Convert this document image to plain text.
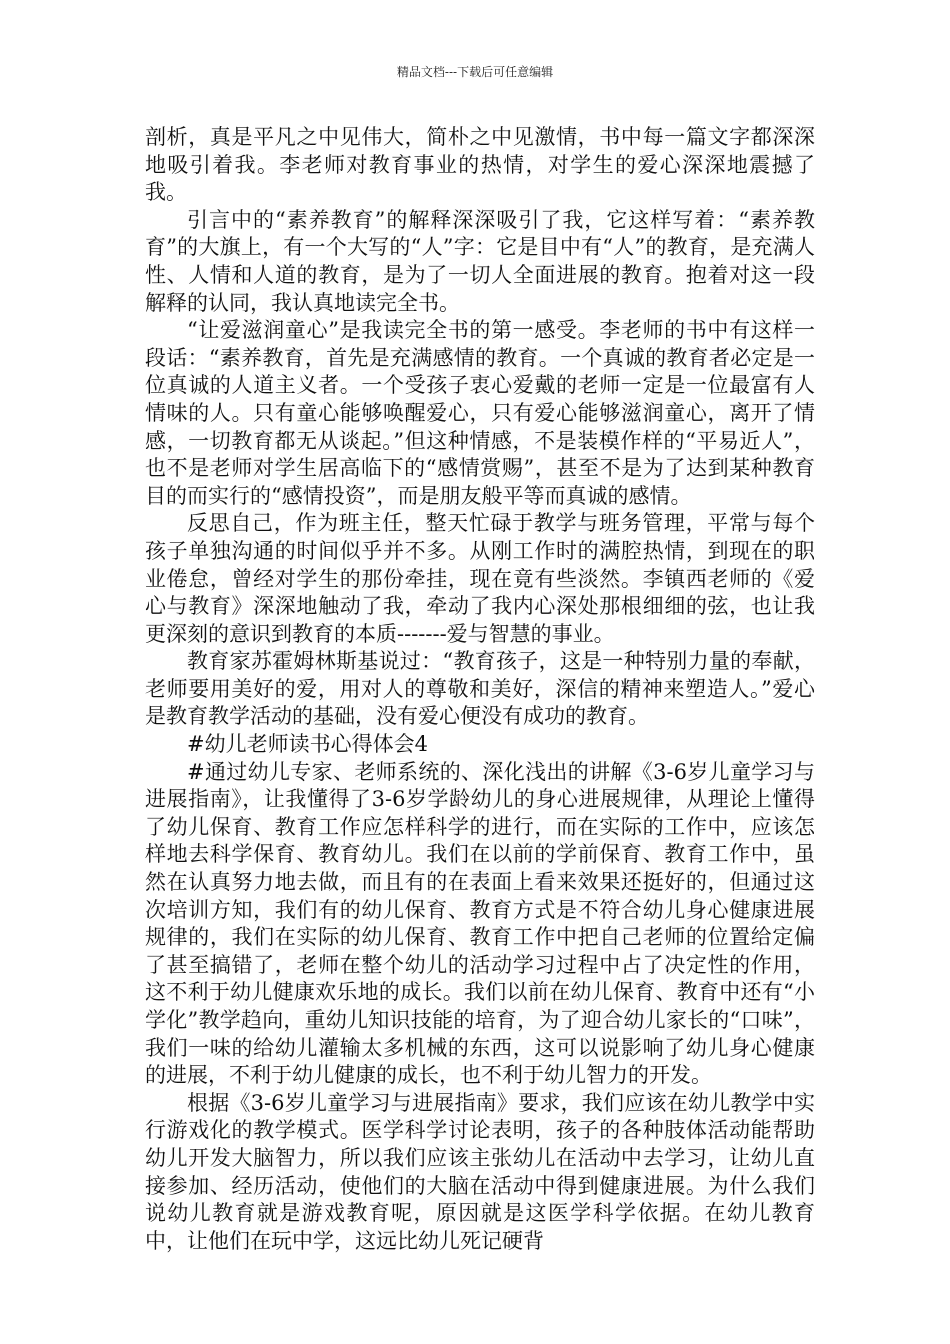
精品文档---下载后可任意编辑

剖析，真是平凡之中见伟大，简朴之中见激情，书中每一篇文字都深深地吸引着我。李老师对教育事业的热情，对学生的爱心深深地震撼了我。

引言中的“素养教育”的解释深深吸引了我，它这样写着：“素养教育”的大旗上，有一个大写的“人”字：它是目中有“人”的教育，是充满人性、人情和人道的教育，是为了一切人全面进展的教育。抱着对这一段解释的认同，我认真地读完全书。

“让爱滋润童心”是我读完全书的第一感受。李老师的书中有这样一段话：“素养教育，首先是充满感情的教育。一个真诚的教育者必定是一位真诚的人道主义者。一个受孩子衷心爱戴的老师一定是一位最富有人情味的人。只有童心能够唤醒爱心，只有爱心能够滋润童心，离开了情感，一切教育都无从谈起。”但这种情感，不是装模作样的“平易近人”，也不是老师对学生居高临下的“感情赏赐”，甚至不是为了达到某种教育目的而实行的“感情投资”，而是朋友般平等而真诚的感情。

反思自己，作为班主任，整天忙碌于教学与班务管理，平常与每个孩子单独沟通的时间似乎并不多。从刚工作时的满腔热情，到现在的职业倦怠，曾经对学生的那份牵挂，现在竟有些淡然。李镇西老师的《爱心与教育》深深地触动了我，牵动了我内心深处那根细细的弦，也让我更深刻的意识到教育的本质-------爱与智慧的事业。

教育家苏霍姆林斯基说过：“教育孩子，这是一种特别力量的奉献，老师要用美好的爱，用对人的尊敬和美好，深信的精神来塑造人。”爱心是教育教学活动的基础，没有爱心便没有成功的教育。

#幼儿老师读书心得体会4

#通过幼儿专家、老师系统的、深化浅出的讲解《3-6岁儿童学习与进展指南》，让我懂得了3-6岁学龄幼儿的身心进展规律，从理论上懂得了幼儿保育、教育工作应怎样科学的进行，而在实际的工作中，应该怎样地去科学保育、教育幼儿。我们在以前的学前保育、教育工作中，虽然在认真努力地去做，而且有的在表面上看来效果还挺好的，但通过这次培训方知，我们有的幼儿保育、教育方式是不符合幼儿身心健康进展规律的，我们在实际的幼儿保育、教育工作中把自己老师的位置给定偏了甚至搞错了，老师在整个幼儿的活动学习过程中占了决定性的作用，这不利于幼儿健康欢乐地的成长。我们以前在幼儿保育、教育中还有“小学化”教学趋向，重幼儿知识技能的培育，为了迎合幼儿家长的“口味”，我们一味的给幼儿灌输太多机械的东西，这可以说影响了幼儿身心健康的进展，不利于幼儿健康的成长，也不利于幼儿智力的开发。

根据《3-6岁儿童学习与进展指南》要求，我们应该在幼儿教学中实行游戏化的教学模式。医学科学讨论表明，孩子的各种肢体活动能帮助幼儿开发大脑智力，所以我们应该主张幼儿在活动中去学习，让幼儿直接参加、经历活动，使他们的大脑在活动中得到健康进展。为什么我们说幼儿教育就是游戏教育呢，原因就是这医学科学依据。在幼儿教育中，让他们在玩中学，这远比幼儿死记硬背
